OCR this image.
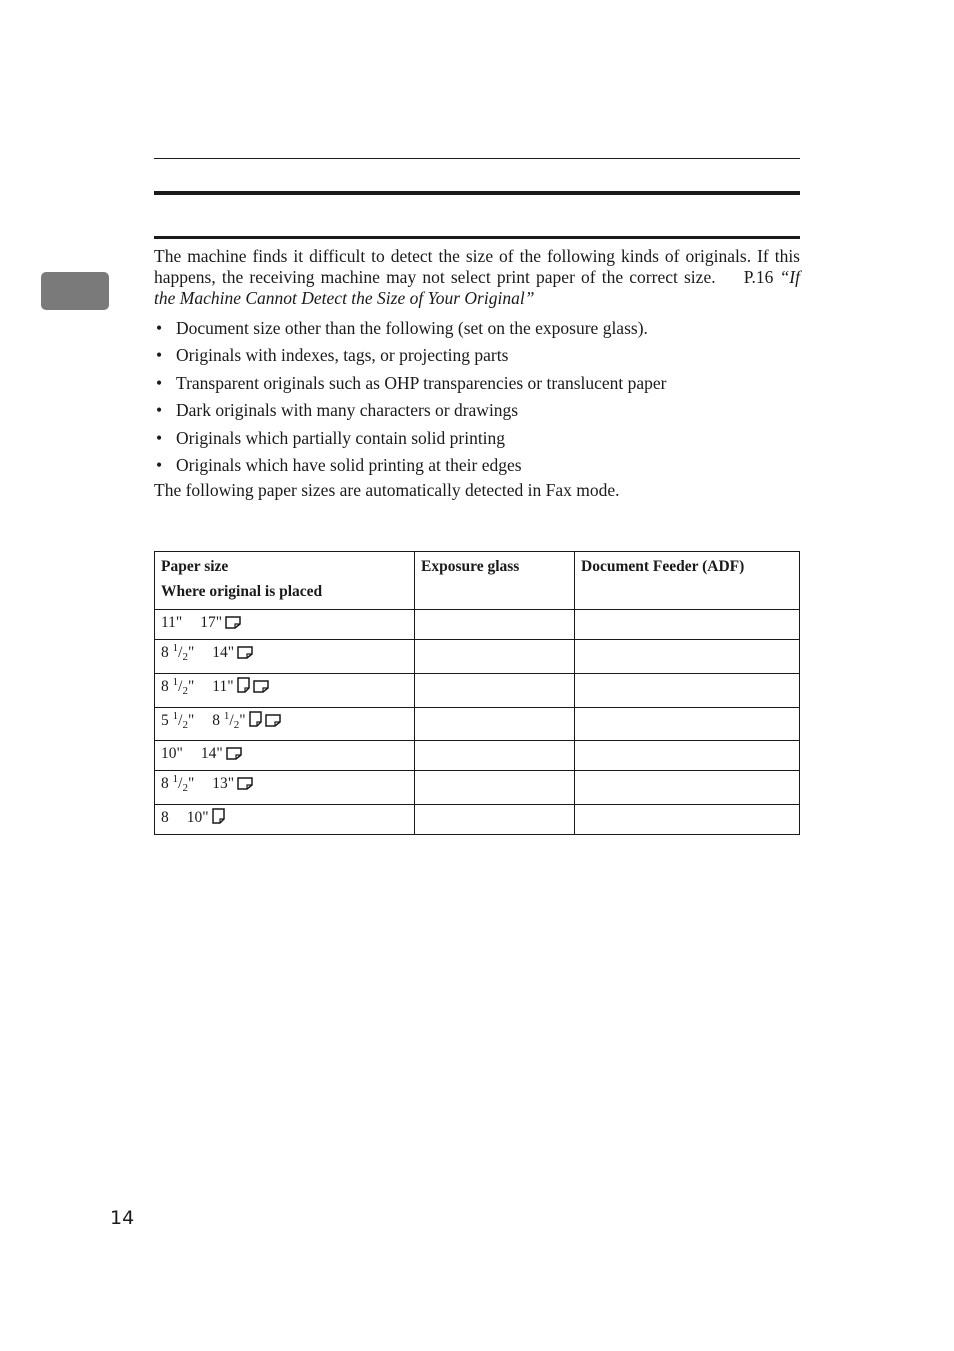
The machine finds it difficult to detect the size of the following kinds of originals. If this happens, the receiving machine may not select print paper of the correct size. P.16 “If the Machine Cannot Detect the Size of Your Original”
• Document size other than the following (set on the exposure glass).
• Originals with indexes, tags, or projecting parts
• Transparent originals such as OHP transparencies or translucent paper
• Dark originals with many characters or drawings
• Originals which partially contain solid printing
• Originals which have solid printing at their edges
The following paper sizes are automatically detected in Fax mode.
Paper size
Where original is placed	Exposure glass	Document Feeder (ADF)
11" 17"		
8 $^1/_2$" 14"		
8 $^1/_2$" 11"		
5 $^1/_2$" 8 $^1/_2$"		
10" 14"		
8 $^1/_2$" 13"		
8 10"		
14
